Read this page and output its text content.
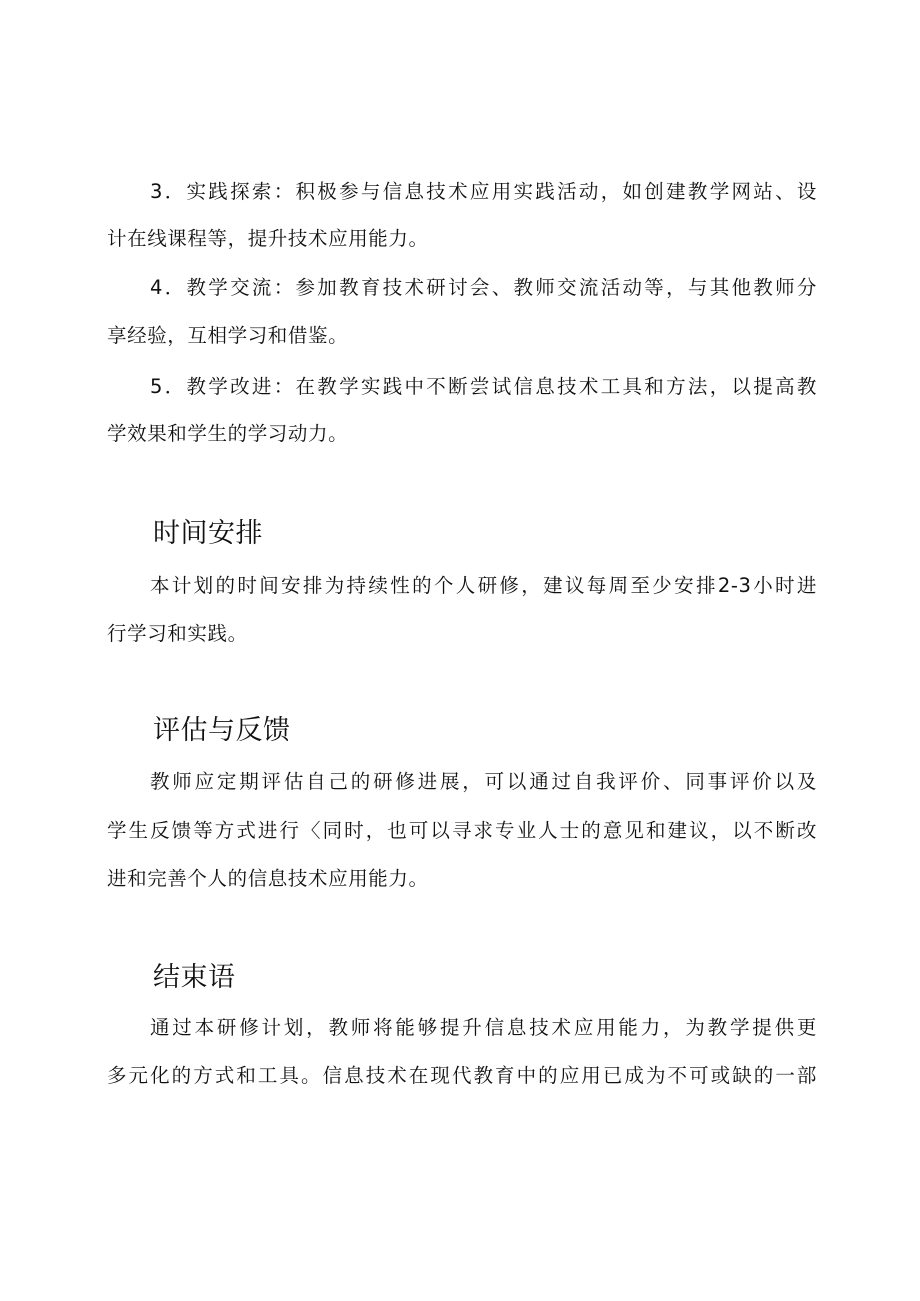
3．实践探索：积极参与信息技术应用实践活动，如创建教学网站、设
计在线课程等，提升技术应用能力。
4．教学交流：参加教育技术研讨会、教师交流活动等，与其他教师分
享经验，互相学习和借鉴。
5．教学改进：在教学实践中不断尝试信息技术工具和方法，以提高教
学效果和学生的学习动力。
时间安排
本计划的时间安排为持续性的个人研修，建议每周至少安排2-3小时进
行学习和实践。
评估与反馈
教师应定期评估自己的研修进展，可以通过自我评价、同事评价以及
学生反馈等方式进行〈同时，也可以寻求专业人士的意见和建议，以不断改
进和完善个人的信息技术应用能力。
结束语
通过本研修计划，教师将能够提升信息技术应用能力，为教学提供更
多元化的方式和工具。信息技术在现代教育中的应用已成为不可或缺的一部
